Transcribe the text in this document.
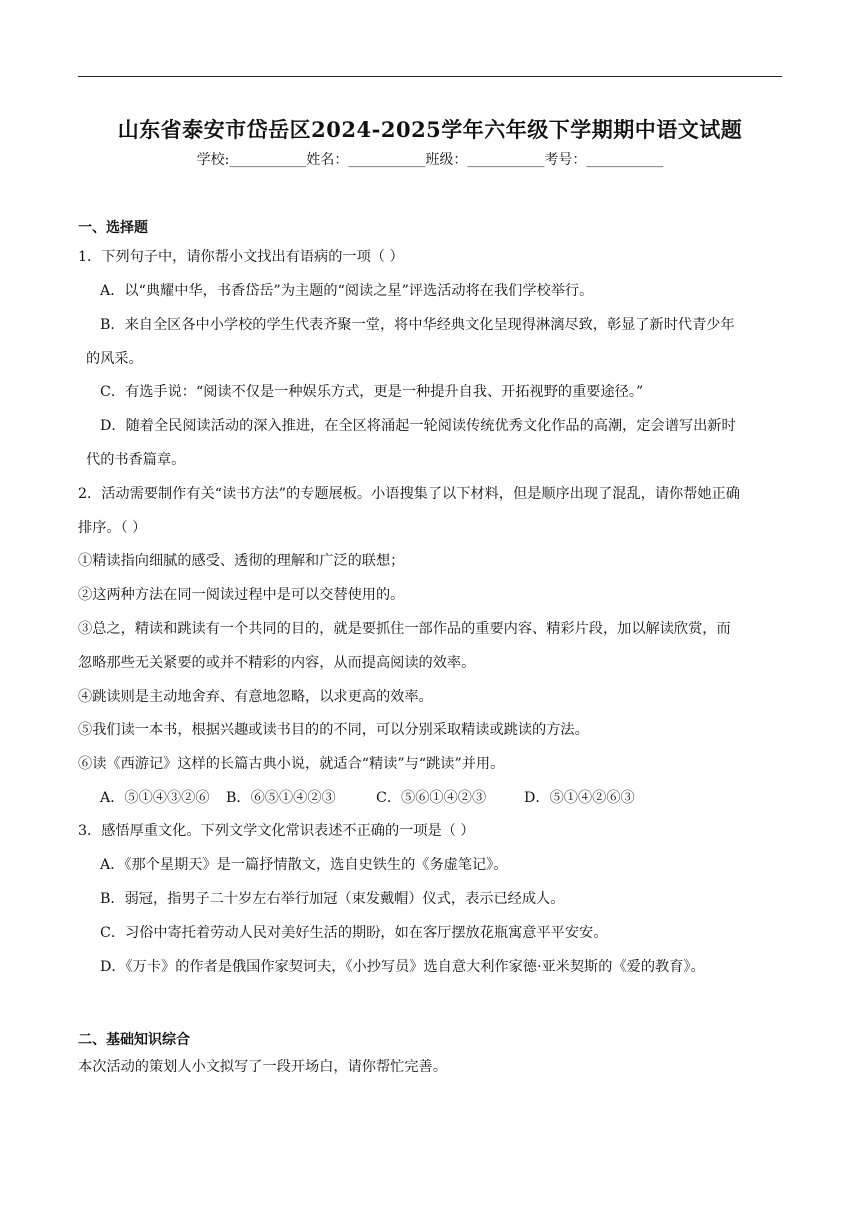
山东省泰安市岱岳区2024-2025学年六年级下学期期中语文试题
学校:___________姓名：___________班级：___________考号：___________
一、选择题
1．下列句子中，请你帮小文找出有语病的一项（ ）
A．以“典耀中华，书香岱岳”为主题的“阅读之星”评选活动将在我们学校举行。
B．来自全区各中小学校的学生代表齐聚一堂，将中华经典文化呈现得淋漓尽致，彰显了新时代青少年
的风采。
C．有选手说：“阅读不仅是一种娱乐方式，更是一种提升自我、开拓视野的重要途径。”
D．随着全民阅读活动的深入推进，在全区将涌起一轮阅读传统优秀文化作品的高潮，定会谱写出新时
代的书香篇章。
2．活动需要制作有关“读书方法”的专题展板。小语搜集了以下材料，但是顺序出现了混乱，请你帮她正确
排序。（ ）
①精读指向细腻的感受、透彻的理解和广泛的联想；
②这两种方法在同一阅读过程中是可以交替使用的。
③总之，精读和跳读有一个共同的目的，就是要抓住一部作品的重要内容、精彩片段，加以解读欣赏，而
忽略那些无关紧要的或并不精彩的内容，从而提高阅读的效率。
④跳读则是主动地舍弃、有意地忽略，以求更高的效率。
⑤我们读一本书，根据兴趣或读书目的的不同，可以分别采取精读或跳读的方法。
⑥读《西游记》这样的长篇古典小说，就适合“精读”与“跳读”并用。
A．⑤①④③②⑥ B．⑥⑤①④②③	C．⑤⑥①④②③	D．⑤①④②⑥③
3．感悟厚重文化。下列文学文化常识表述不正确的一项是（ ）
A．《那个星期天》是一篇抒情散文，选自史铁生的《务虚笔记》。
B．弱冠，指男子二十岁左右举行加冠（束发戴帽）仪式，表示已经成人。
C．习俗中寄托着劳动人民对美好生活的期盼，如在客厅摆放花瓶寓意平平安安。
D．《万卡》的作者是俄国作家契诃夫，《小抄写员》选自意大利作家德·亚米契斯的《爱的教育》。
二、基础知识综合
本次活动的策划人小文拟写了一段开场白，请你帮忙完善。
